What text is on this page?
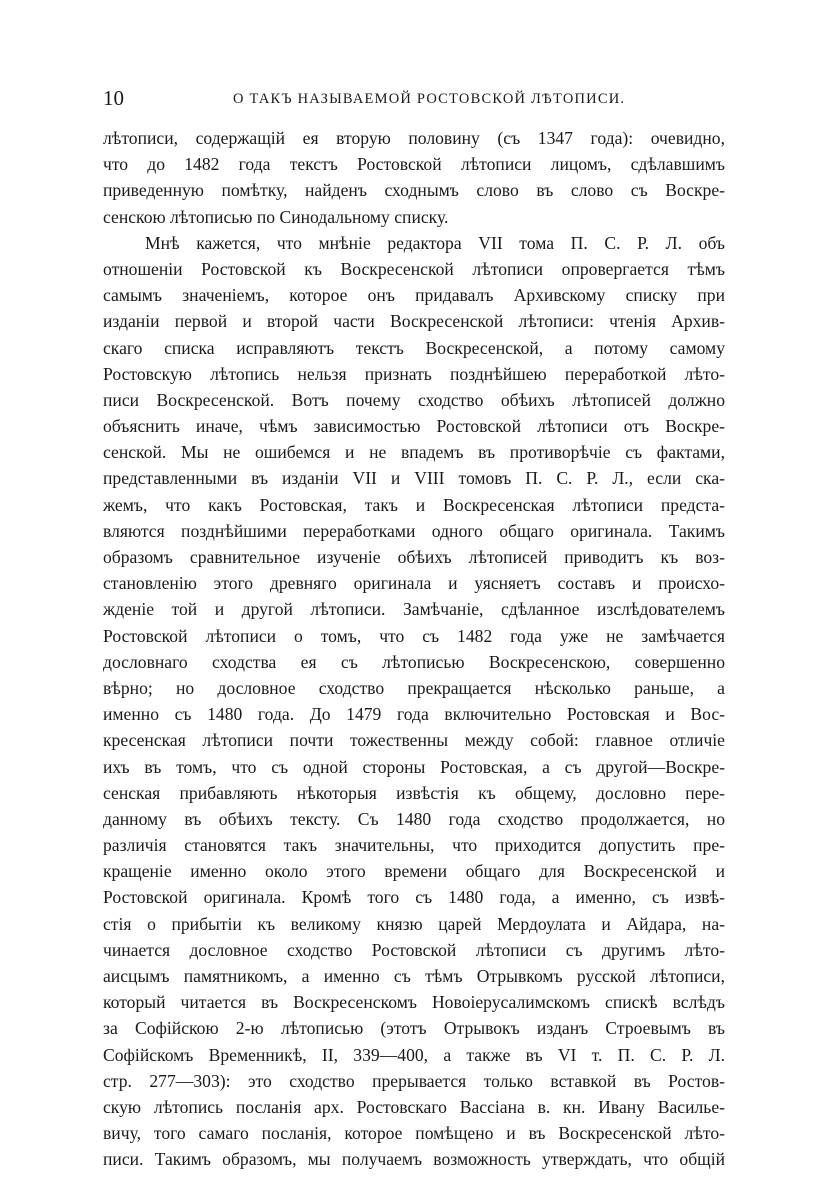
10	О ТАКЪ НАЗЫВАЕМОЙ РОСТОВСКОЙ ЛѢТОПИСИ.
лѣтописи, содержащій ея вторую половину (съ 1347 года): очевидно,
что до 1482 года текстъ Ростовской лѣтописи лицомъ, сдѣлавшимъ
приведенную помѣтку, найденъ сходнымъ слово въ слово съ Воскре-
сенскою лѣтописью по Синодальному списку.
Мнѣ кажется, что мнѣніе редактора VII тома П. С. Р. Л. объ
отношеніи Ростовской къ Воскресенской лѣтописи опровергается тѣмъ
самымъ значеніемъ, которое онъ придавалъ Архивскому списку при
изданіи первой и второй части Воскресенской лѣтописи: чтенія Архив-
скаго списка исправляютъ текстъ Воскресенской, а потому самому
Ростовскую лѣтопись нельзя признать позднѣйшею переработкой лѣто-
писи Воскресенской. Вотъ почему сходство обѣихъ лѣтописей должно
объяснить иначе, чѣмъ зависимостью Ростовской лѣтописи отъ Воскре-
сенской. Мы не ошибемся и не впадемъ въ противорѣчіе съ фактами,
представленными въ изданіи VII и VIII томовъ П. С. Р. Л., если ска-
жемъ, что какъ Ростовская, такъ и Воскресенская лѣтописи предста-
вляются позднѣйшими переработками одного общаго оригинала. Такимъ
образомъ сравнительное изученіе обѣихъ лѣтописей приводитъ къ воз-
становленію этого древняго оригинала и уясняетъ составъ и происхо-
жденіе той и другой лѣтописи. Замѣчаніе, сдѣланное изслѣдователемъ
Ростовской лѣтописи о томъ, что съ 1482 года уже не замѣчается
дословнаго сходства ея съ лѣтописью Воскресенскою, совершенно
вѣрно; но дословное сходство прекращается нѣсколько раньше, а
именно съ 1480 года. До 1479 года включительно Ростовская и Вос-
кресенская лѣтописи почти тожественны между собой: главное отличіе
ихъ въ томъ, что съ одной стороны Ростовская, а съ другой—Воскре-
сенская прибавляють нѣкоторыя извѣстія къ общему, дословно пере-
данному въ обѣихъ тексту. Съ 1480 года сходство продолжается, но
различія становятся такъ значительны, что приходится допустить пре-
кращеніе именно около этого времени общаго для Воскресенской и
Ростовской оригинала. Кромѣ того съ 1480 года, а именно, съ извѣ-
стія о прибытіи къ великому князю царей Мердоулата и Айдара, на-
чинается дословное сходство Ростовской лѣтописи съ другимъ лѣто-
аисцымъ памятникомъ, а именно съ тѣмъ Отрывкомъ русской лѣтописи,
который читается въ Воскресенскомъ Новоіерусалимскомъ спискѣ вслѣдъ
за Софійскою 2-ю лѣтописью (этотъ Отрывокъ изданъ Строевымъ въ
Софійскомъ Временникѣ, II, 339—400, а также въ VI т. П. С. Р. Л.
стр. 277—303): это сходство прерывается только вставкой въ Ростов-
скую лѣтопись посланія арх. Ростовскаго Вассіана в. кн. Ивану Василье-
вичу, того самаго посланія, которое помѣщено и въ Воскресенской лѣто-
писи. Такимъ образомъ, мы получаемъ возможность утверждать, что общій
